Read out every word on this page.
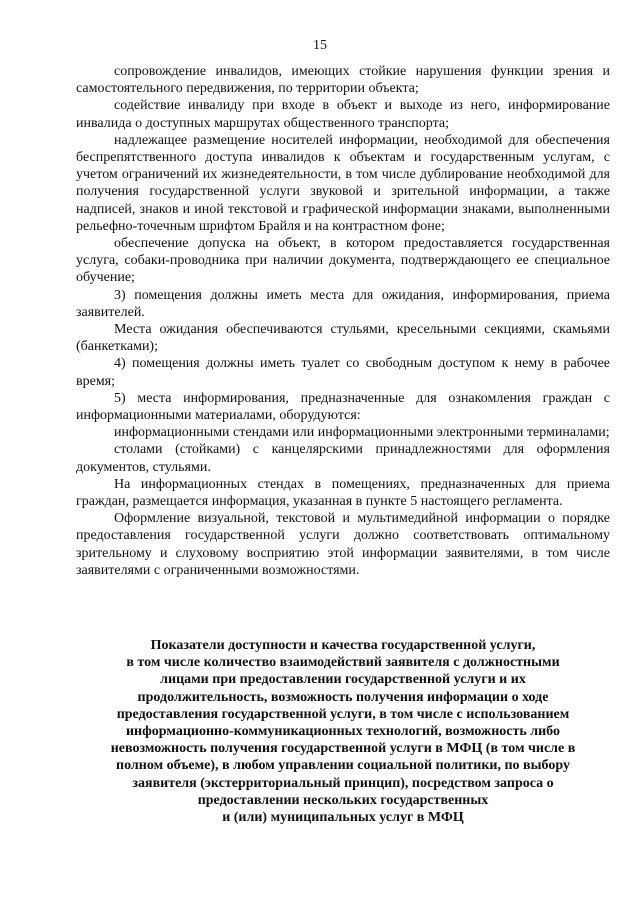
15

сопровождение инвалидов, имеющих стойкие нарушения функции зрения и самостоятельного передвижения, по территории объекта;

содействие инвалиду при входе в объект и выходе из него, информирование инвалида о доступных маршрутах общественного транспорта;

надлежащее размещение носителей информации, необходимой для обеспечения беспрепятственного доступа инвалидов к объектам и государственным услугам, с учетом ограничений их жизнедеятельности, в том числе дублирование необходимой для получения государственной услуги звуковой и зрительной информации, а также надписей, знаков и иной текстовой и графической информации знаками, выполненными рельефно-точечным шрифтом Брайля и на контрастном фоне;

обеспечение допуска на объект, в котором предоставляется государственная услуга, собаки-проводника при наличии документа, подтверждающего ее специальное обучение;

3) помещения должны иметь места для ожидания, информирования, приема заявителей.

Места ожидания обеспечиваются стульями, кресельными секциями, скамьями (банкетками);

4) помещения должны иметь туалет со свободным доступом к нему в рабочее время;

5) места информирования, предназначенные для ознакомления граждан с информационными материалами, оборудуются:

информационными стендами или информационными электронными терминалами;

столами (стойками) с канцелярскими принадлежностями для оформления документов, стульями.

На информационных стендах в помещениях, предназначенных для приема граждан, размещается информация, указанная в пункте 5 настоящего регламента.

Оформление визуальной, текстовой и мультимедийной информации о порядке предоставления государственной услуги должно соответствовать оптимальному зрительному и слуховому восприятию этой информации заявителями, в том числе заявителями с ограниченными возможностями.

Показатели доступности и качества государственной услуги,
в том числе количество взаимодействий заявителя с должностными
лицами при предоставлении государственной услуги и их
продолжительность, возможность получения информации о ходе
предоставления государственной услуги, в том числе с использованием
информационно-коммуникационных технологий, возможность либо
невозможность получения государственной услуги в МФЦ (в том числе в
полном объеме), в любом управлении социальной политики, по выбору
заявителя (экстерриториальный принцип), посредством запроса о
предоставлении нескольких государственных
и (или) муниципальных услуг в МФЦ
